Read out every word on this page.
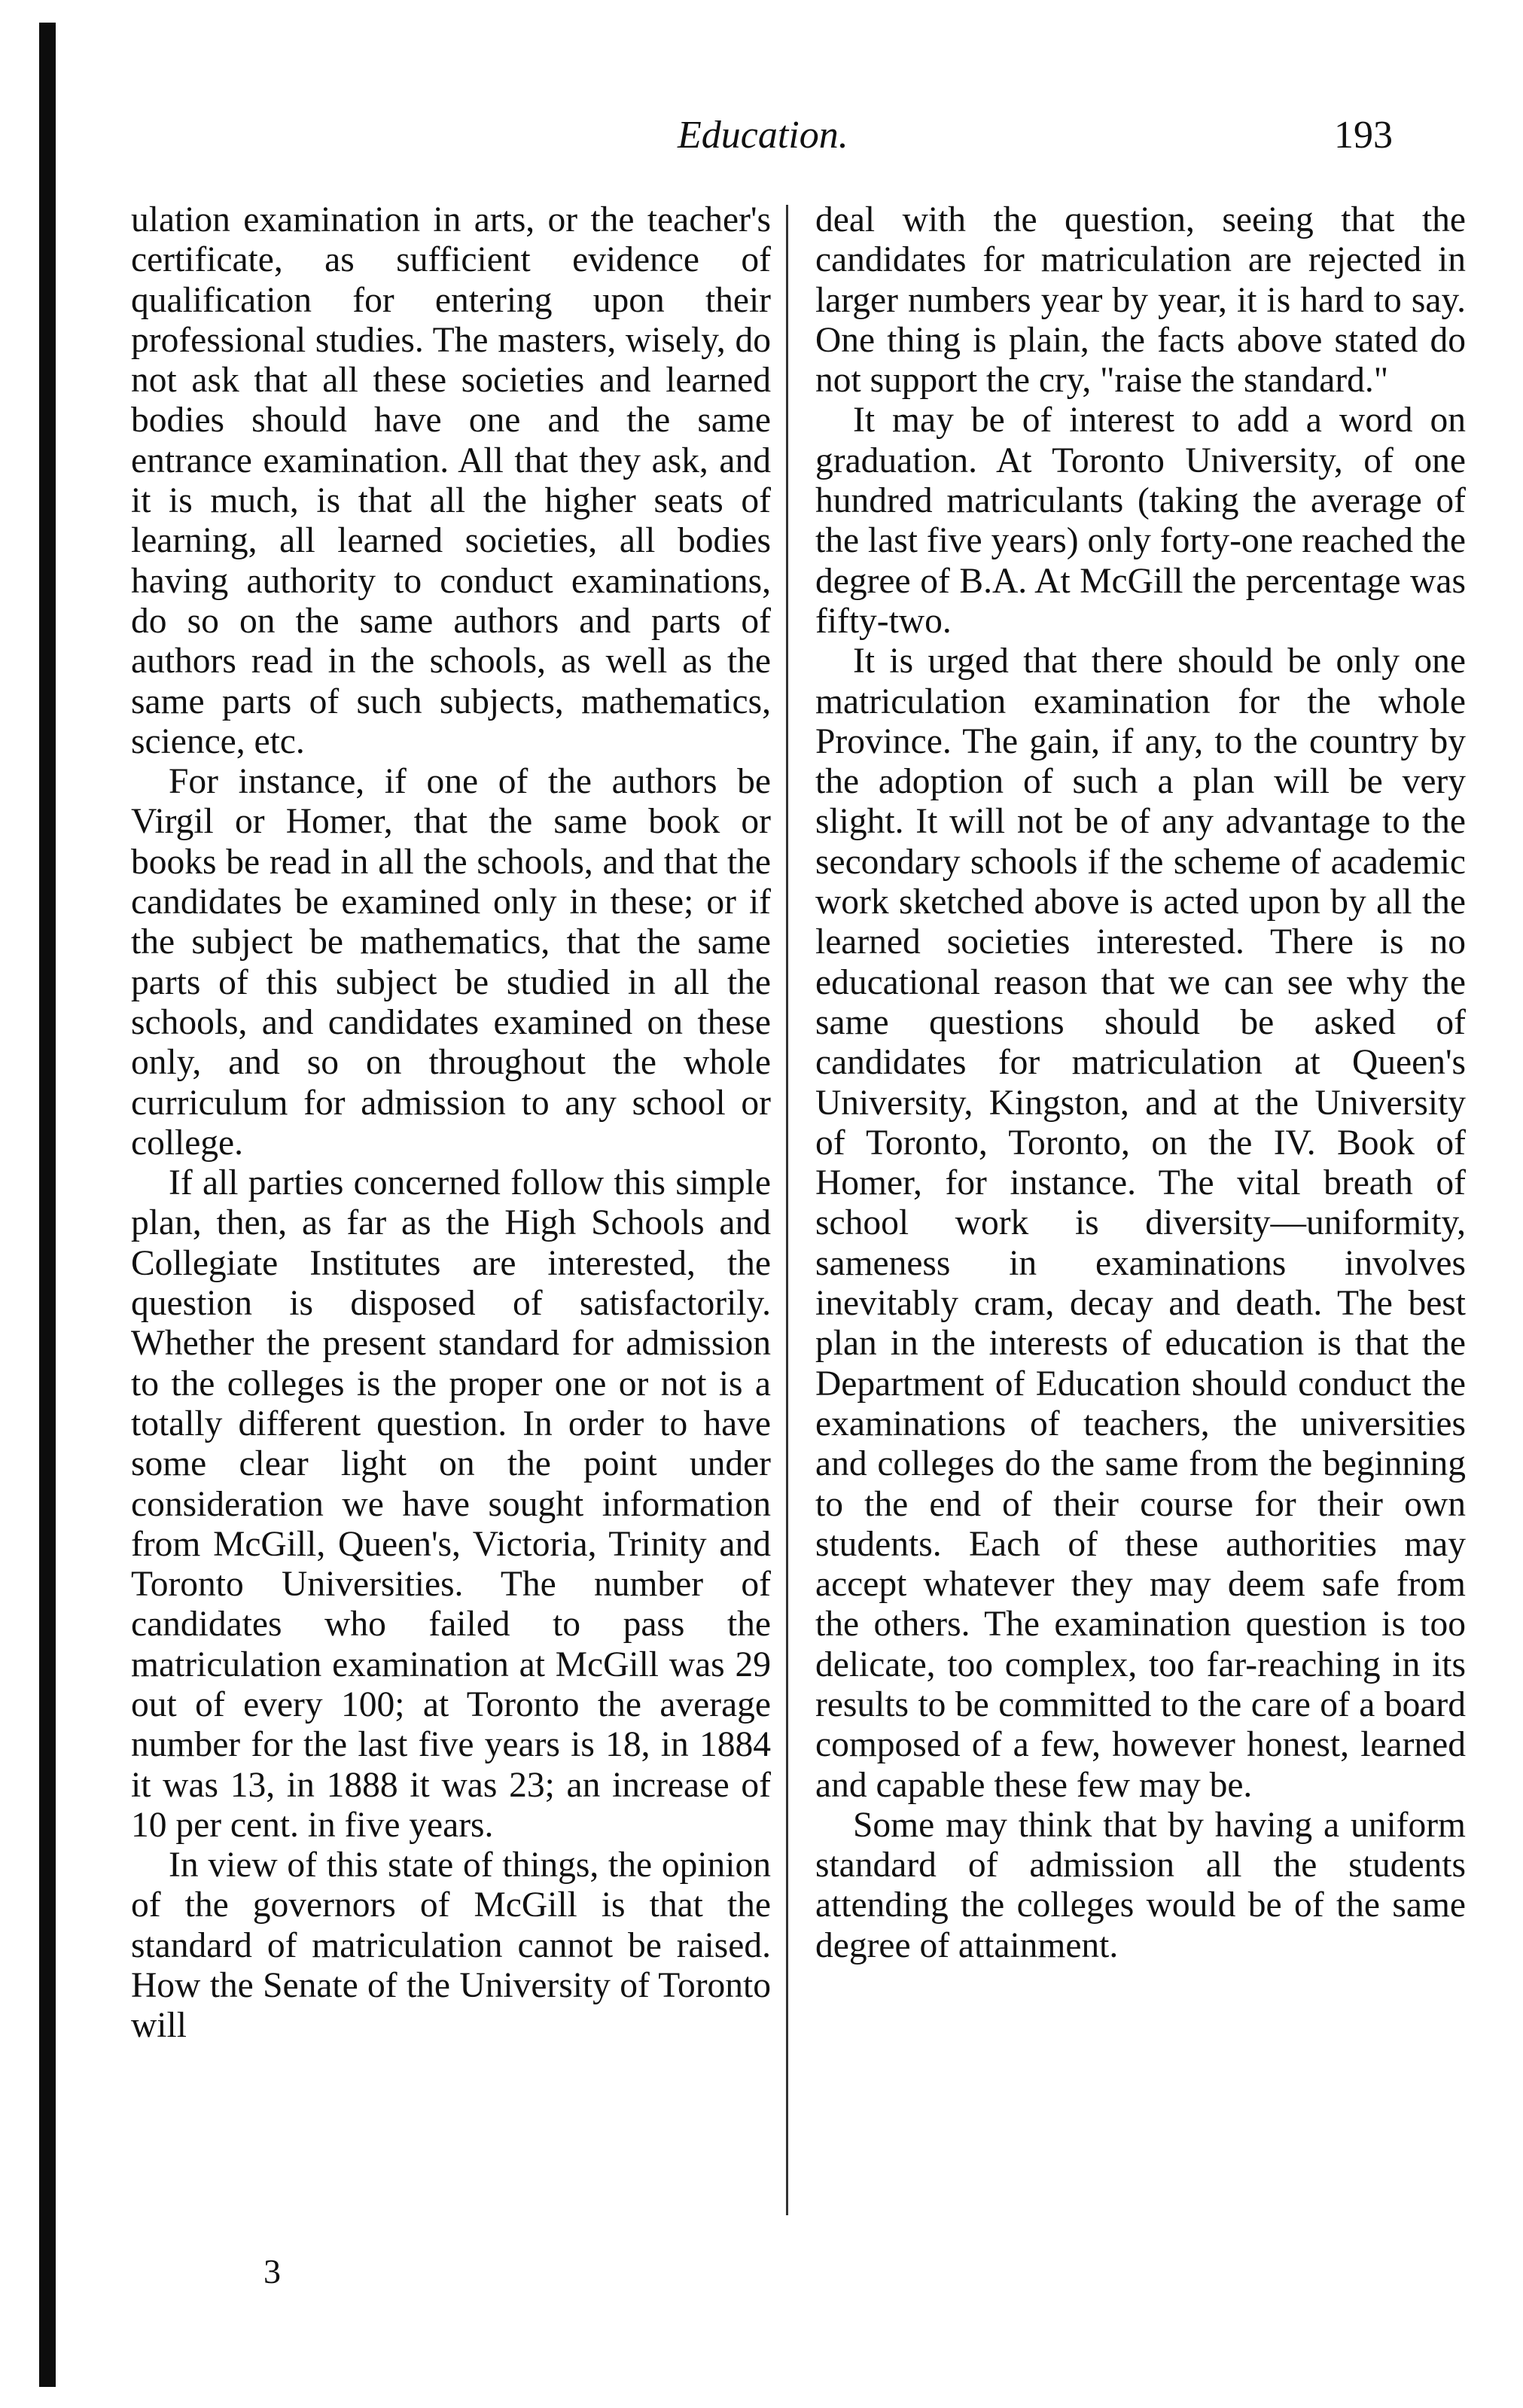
Education.	193

ulation examination in arts, or the teacher's certificate, as sufficient evidence of qualification for entering upon their professional studies. The masters, wisely, do not ask that all these societies and learned bodies should have one and the same entrance examination. All that they ask, and it is much, is that all the higher seats of learning, all learned societies, all bodies having authority to conduct examinations, do so on the same authors and parts of authors read in the schools, as well as the same parts of such subjects, mathematics, science, etc.

For instance, if one of the authors be Virgil or Homer, that the same book or books be read in all the schools, and that the candidates be examined only in these; or if the subject be mathematics, that the same parts of this subject be studied in all the schools, and candidates examined on these only, and so on throughout the whole curriculum for admission to any school or college.

If all parties concerned follow this simple plan, then, as far as the High Schools and Collegiate Institutes are interested, the question is disposed of satisfactorily. Whether the present standard for admission to the colleges is the proper one or not is a totally different question. In order to have some clear light on the point under consideration we have sought information from McGill, Queen's, Victoria, Trinity and Toronto Universities. The number of candidates who failed to pass the matriculation examination at McGill was 29 out of every 100; at Toronto the average number for the last five years is 18, in 1884 it was 13, in 1888 it was 23; an increase of 10 per cent. in five years.

In view of this state of things, the opinion of the governors of McGill is that the standard of matriculation cannot be raised. How the Senate of the University of Toronto will

deal with the question, seeing that the candidates for matriculation are rejected in larger numbers year by year, it is hard to say. One thing is plain, the facts above stated do not support the cry, "raise the standard."

It may be of interest to add a word on graduation. At Toronto University, of one hundred matriculants (taking the average of the last five years) only forty-one reached the degree of B.A. At McGill the percentage was fifty-two.

It is urged that there should be only one matriculation examination for the whole Province. The gain, if any, to the country by the adoption of such a plan will be very slight. It will not be of any advantage to the secondary schools if the scheme of academic work sketched above is acted upon by all the learned societies interested. There is no educational reason that we can see why the same questions should be asked of candidates for matriculation at Queen's University, Kingston, and at the University of Toronto, Toronto, on the IV. Book of Homer, for instance. The vital breath of school work is diversity—uniformity, sameness in examinations involves inevitably cram, decay and death. The best plan in the interests of education is that the Department of Education should conduct the examinations of teachers, the universities and colleges do the same from the beginning to the end of their course for their own students. Each of these authorities may accept whatever they may deem safe from the others. The examination question is too delicate, too complex, too far-reaching in its results to be committed to the care of a board composed of a few, however honest, learned and capable these few may be.

Some may think that by having a uniform standard of admission all the students attending the colleges would be of the same degree of attainment.

3
